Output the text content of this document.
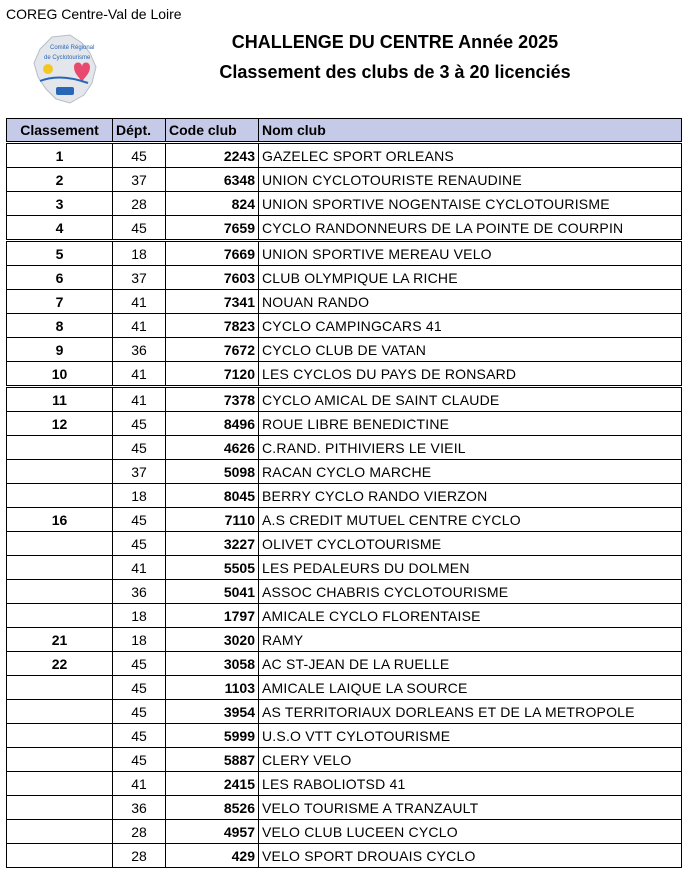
COREG Centre-Val de Loire
Comité Régional
de Cyclotourisme
CHALLENGE DU CENTRE Année 2025
Classement des clubs de 3 à 20 licenciés
Classement	Dépt.	Code club	Nom club
1	45	2243	GAZELEC SPORT ORLEANS
2	37	6348	UNION CYCLOTOURISTE RENAUDINE
3	28	824	UNION SPORTIVE NOGENTAISE CYCLOTOURISME
4	45	7659	CYCLO RANDONNEURS DE LA POINTE DE COURPIN
5	18	7669	UNION SPORTIVE MEREAU VELO
6	37	7603	CLUB OLYMPIQUE LA RICHE
7	41	7341	NOUAN RANDO
8	41	7823	CYCLO CAMPINGCARS 41
9	36	7672	CYCLO CLUB DE VATAN
10	41	7120	LES CYCLOS DU PAYS DE RONSARD
11	41	7378	CYCLO AMICAL DE SAINT CLAUDE
12	45	8496	ROUE LIBRE BENEDICTINE
	45	4626	C.RAND. PITHIVIERS LE VIEIL
	37	5098	RACAN CYCLO MARCHE
	18	8045	BERRY CYCLO RANDO VIERZON
16	45	7110	A.S CREDIT MUTUEL CENTRE CYCLO
	45	3227	OLIVET CYCLOTOURISME
	41	5505	LES PEDALEURS DU DOLMEN
	36	5041	ASSOC CHABRIS CYCLOTOURISME
	18	1797	AMICALE CYCLO FLORENTAISE
21	18	3020	RAMY
22	45	3058	AC ST-JEAN DE LA RUELLE
	45	1103	AMICALE LAIQUE LA SOURCE
	45	3954	AS TERRITORIAUX DORLEANS ET DE LA METROPOLE
	45	5999	U.S.O VTT CYLOTOURISME
	45	5887	CLERY VELO
	41	2415	LES RABOLIOTSD 41
	36	8526	VELO TOURISME A TRANZAULT
	28	4957	VELO CLUB LUCEEN CYCLO
	28	429	VELO SPORT DROUAIS CYCLO
